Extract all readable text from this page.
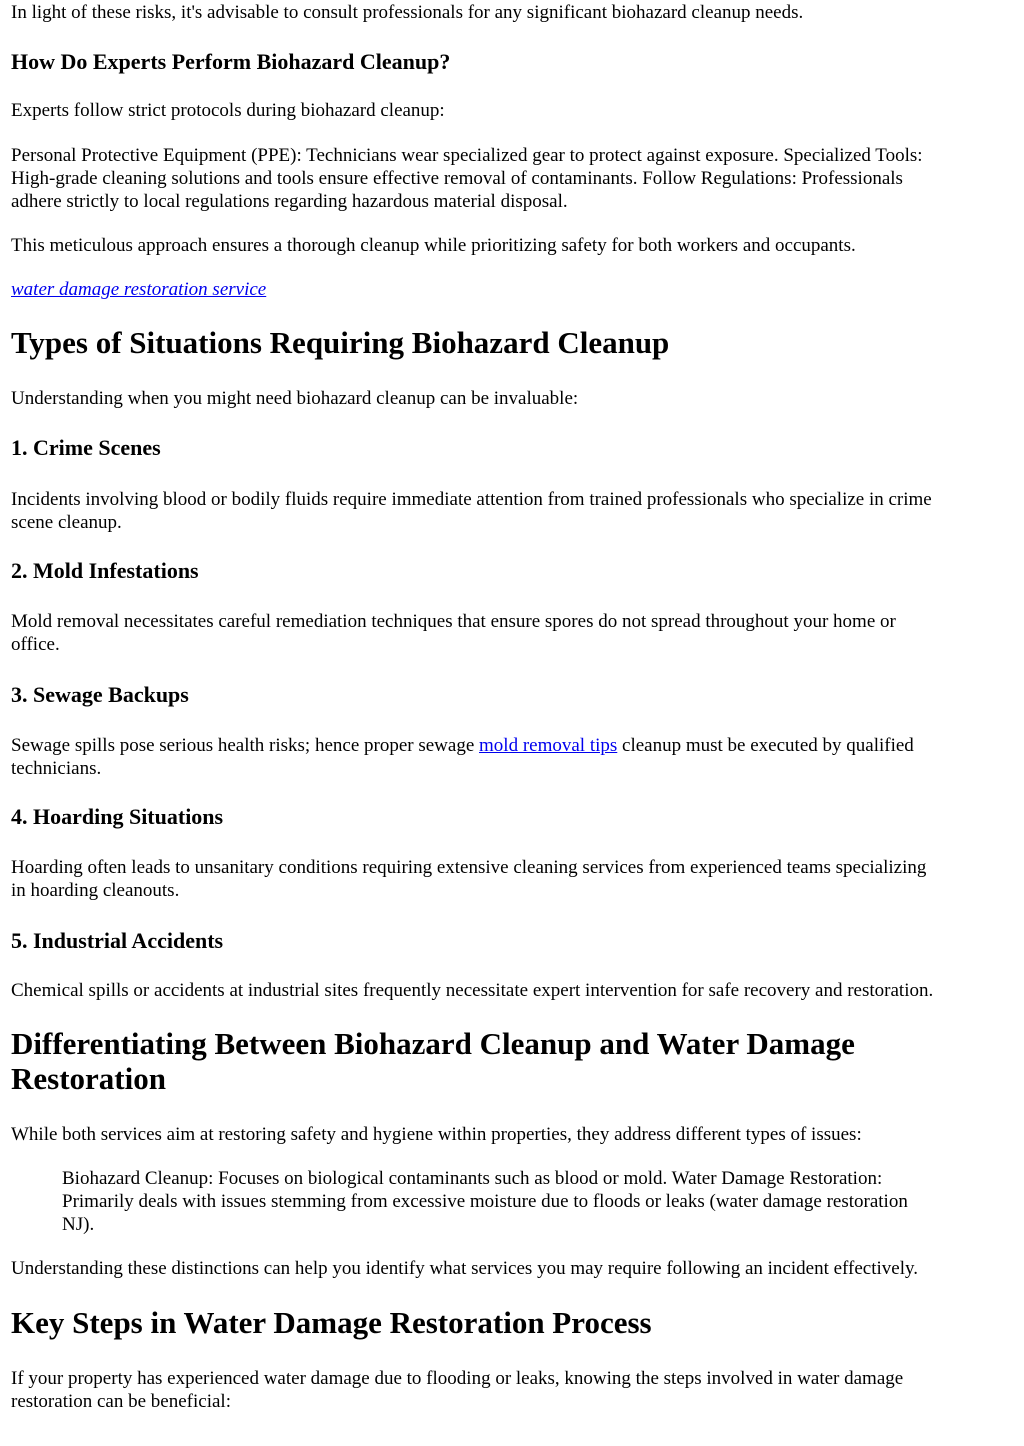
In light of these risks, it's advisable to consult professionals for any significant biohazard cleanup needs.

How Do Experts Perform Biohazard Cleanup?

Experts follow strict protocols during biohazard cleanup:

Personal Protective Equipment (PPE): Technicians wear specialized gear to protect against exposure. Specialized Tools:

High-grade cleaning solutions and tools ensure effective removal of contaminants. Follow Regulations: Professionals

adhere strictly to local regulations regarding hazardous material disposal.

This meticulous approach ensures a thorough cleanup while prioritizing safety for both workers and occupants.

water damage restoration service

Types of Situations Requiring Biohazard Cleanup

Understanding when you might need biohazard cleanup can be invaluable:

1. Crime Scenes

Incidents involving blood or bodily fluids require immediate attention from trained professionals who specialize in crime

scene cleanup.

2. Mold Infestations

Mold removal necessitates careful remediation techniques that ensure spores do not spread throughout your home or

office.

3. Sewage Backups

Sewage spills pose serious health risks; hence proper sewage mold removal tips cleanup must be executed by qualified

technicians.

4. Hoarding Situations

Hoarding often leads to unsanitary conditions requiring extensive cleaning services from experienced teams specializing

in hoarding cleanouts.

5. Industrial Accidents

Chemical spills or accidents at industrial sites frequently necessitate expert intervention for safe recovery and restoration.

Differentiating Between Biohazard Cleanup and Water Damage
Restoration

While both services aim at restoring safety and hygiene within properties, they address different types of issues:

Biohazard Cleanup: Focuses on biological contaminants such as blood or mold. Water Damage Restoration:

Primarily deals with issues stemming from excessive moisture due to floods or leaks (water damage restoration

NJ).

Understanding these distinctions can help you identify what services you may require following an incident effectively.

Key Steps in Water Damage Restoration Process

If your property has experienced water damage due to flooding or leaks, knowing the steps involved in water damage

restoration can be beneficial:
